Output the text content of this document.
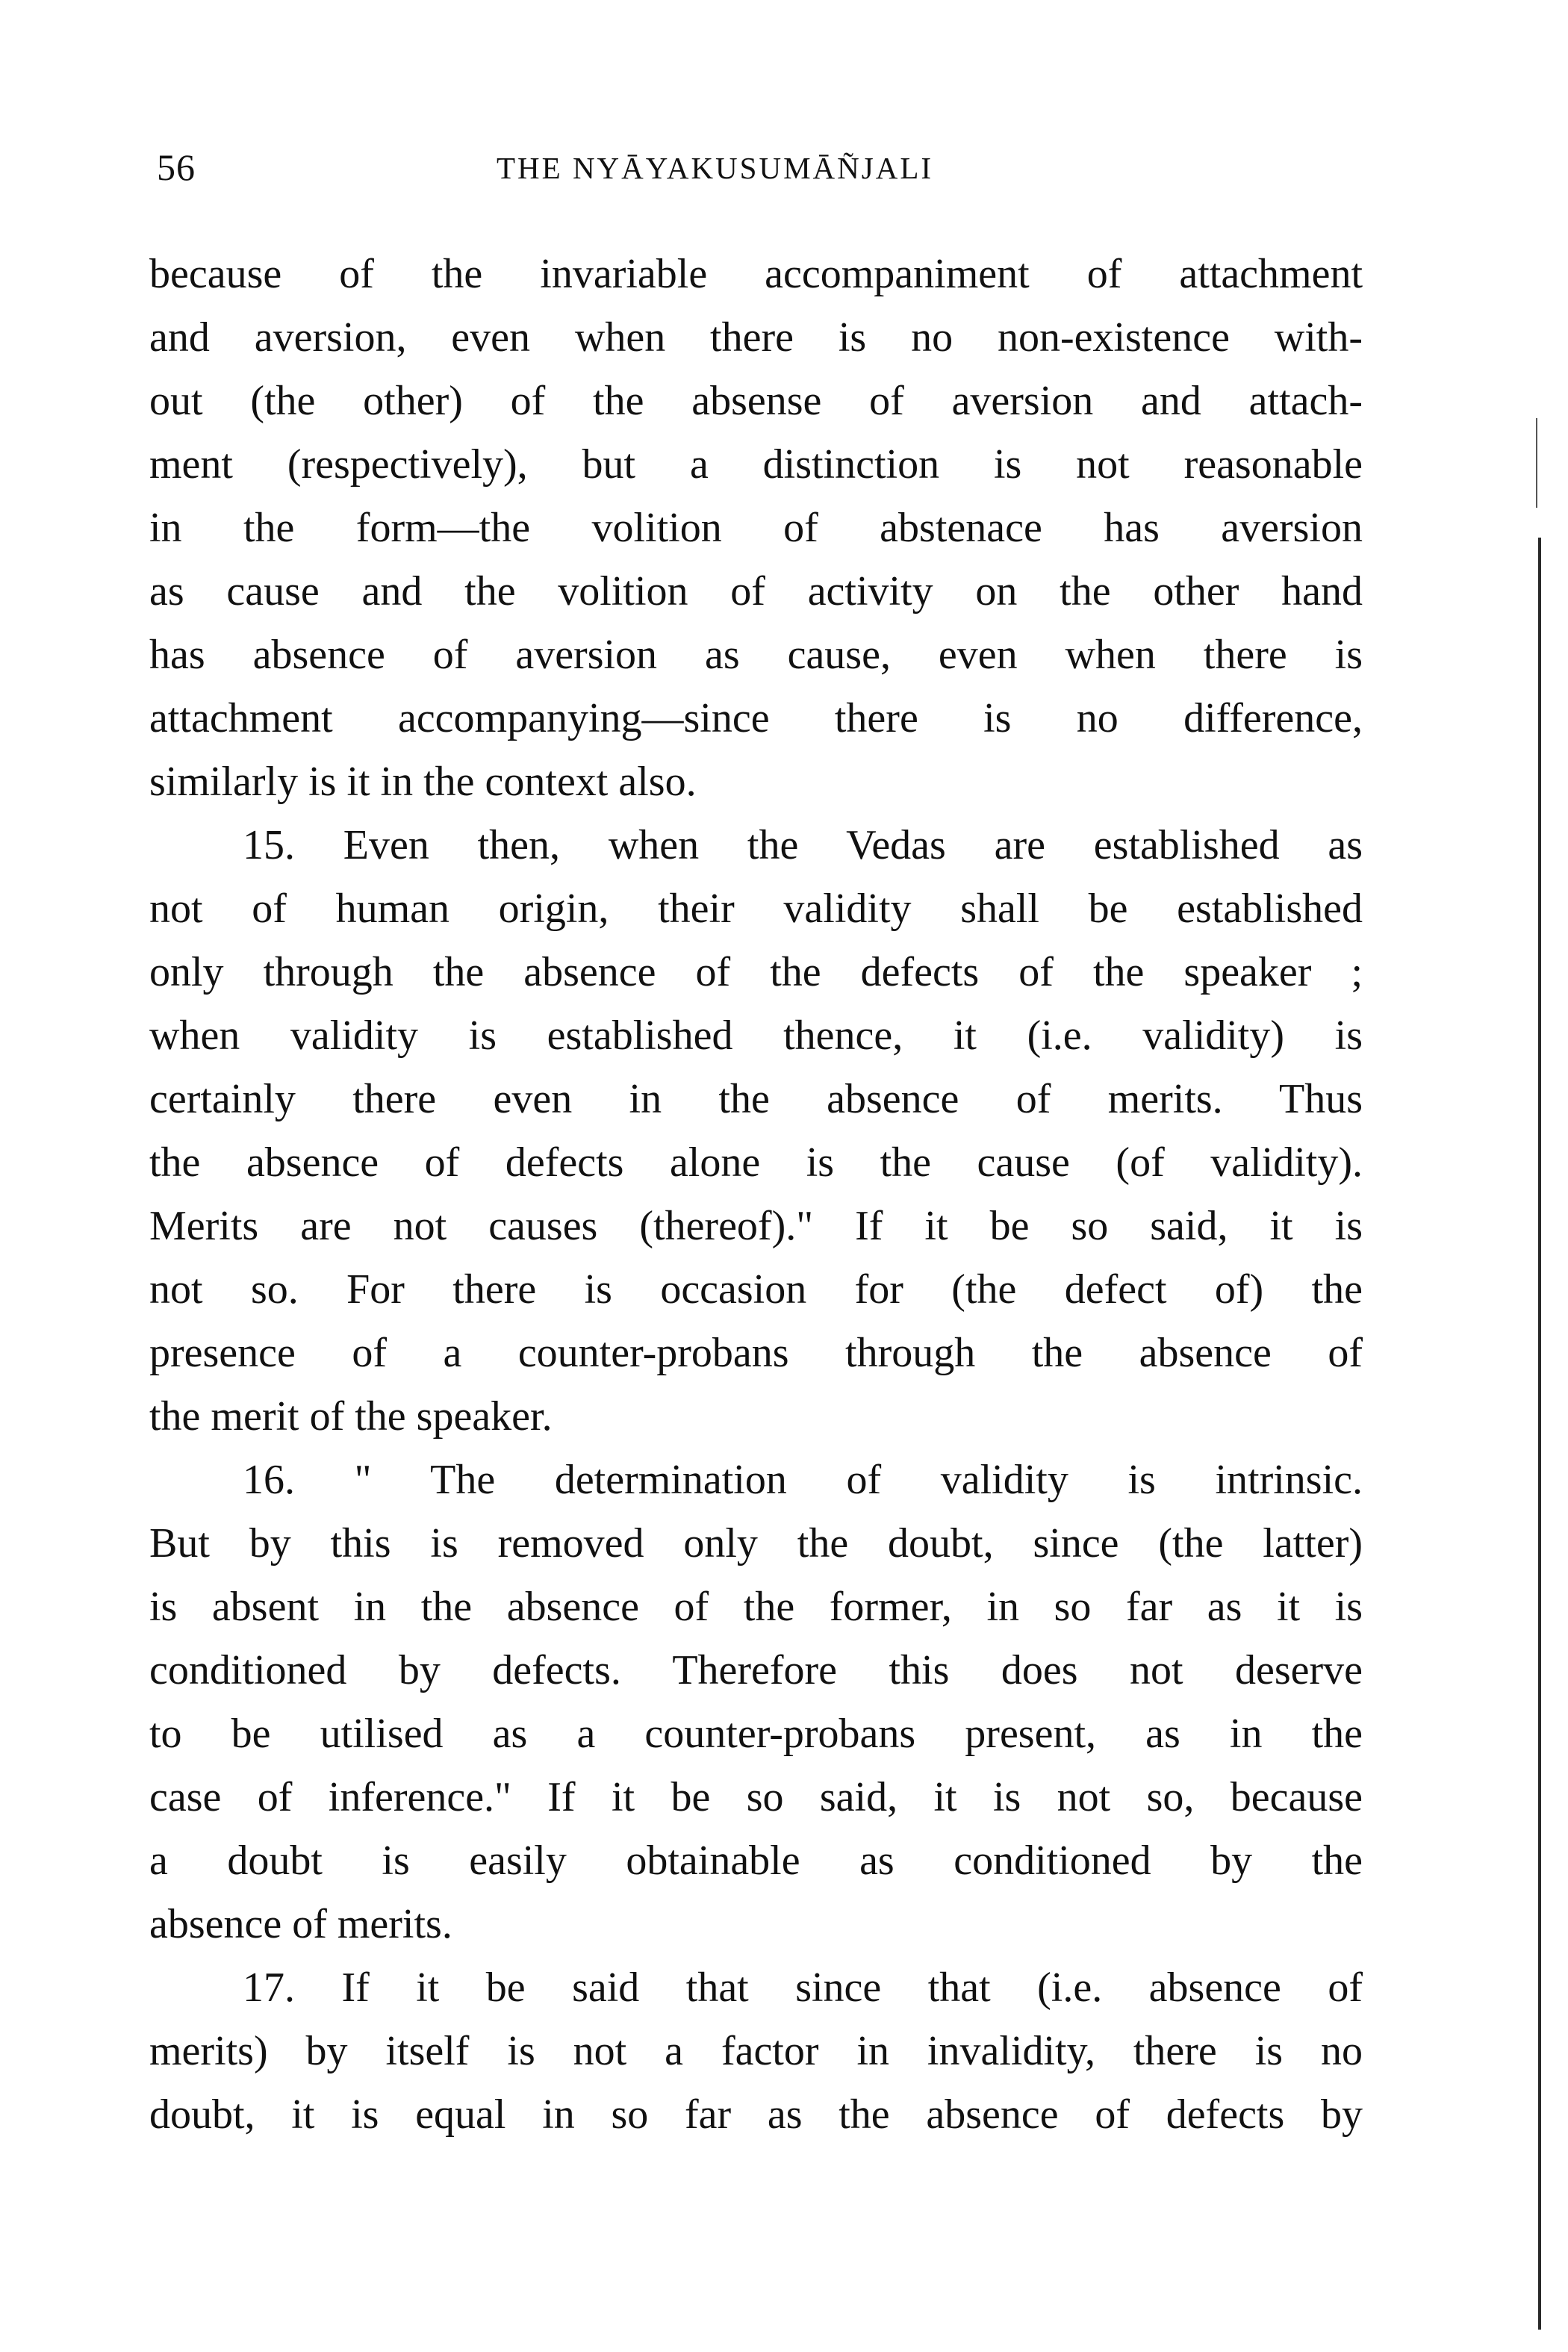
56	THE NYĀYAKUSUMĀÑJALI
because of the invariable accompaniment of attachment
and aversion, even when there is no non-existence with-
out (the other) of the absense of aversion and attach-
ment (respectively), but a distinction is not reasonable
in the form—the volition of abstenace has aversion
as cause and the volition of activity on the other hand
has absence of aversion as cause, even when there is
attachment accompanying—since there is no difference,
similarly is it in the context also.
15. Even then, when the Vedas are established as
not of human origin, their validity shall be established
only through the absence of the defects of the speaker ;
when validity is established thence, it (i.e. validity) is
certainly there even in the absence of merits. Thus
the absence of defects alone is the cause (of validity).
Merits are not causes (thereof)." If it be so said, it is
not so. For there is occasion for (the defect of) the
presence of a counter-probans through the absence of
the merit of the speaker.
16. " The determination of validity is intrinsic.
But by this is removed only the doubt, since (the latter)
is absent in the absence of the former, in so far as it is
conditioned by defects. Therefore this does not deserve
to be utilised as a counter-probans present, as in the
case of inference." If it be so said, it is not so, because
a doubt is easily obtainable as conditioned by the
absence of merits.
17. If it be said that since that (i.e. absence of
merits) by itself is not a factor in invalidity, there is no
doubt, it is equal in so far as the absence of defects by
